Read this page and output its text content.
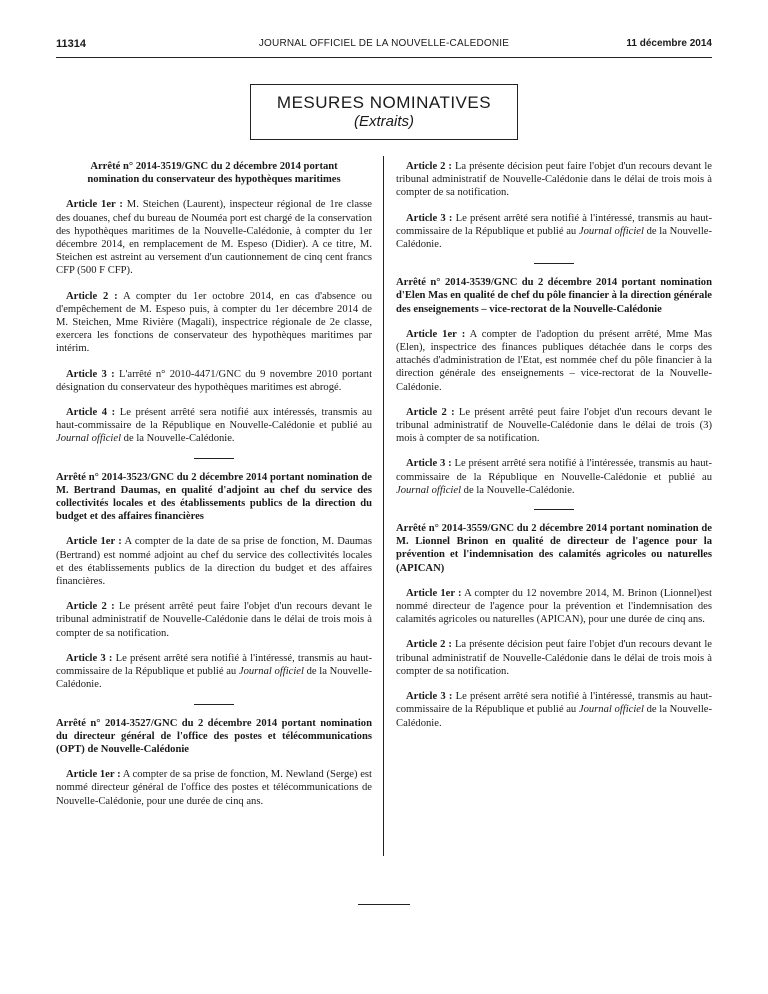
11314	JOURNAL OFFICIEL DE LA NOUVELLE-CALEDONIE	11 décembre 2014
MESURES NOMINATIVES
(Extraits)
Arrêté n° 2014-3519/GNC du 2 décembre 2014 portant
nomination du conservateur des hypothèques maritimes

Article 1er : M. Steichen (Laurent), inspecteur régional de 1re classe des douanes, chef du bureau de Nouméa port est chargé de la conservation des hypothèques maritimes de la Nouvelle-Calédonie, à compter du 1er décembre 2014, en remplacement de M. Espeso (Didier). A ce titre, M. Steichen est astreint au versement d'un cautionnement de cinq cent francs CFP (500 F CFP).

Article 2 : A compter du 1er octobre 2014, en cas d'absence ou d'empêchement de M. Espeso puis, à compter du 1er décembre 2014 de M. Steichen, Mme Rivière (Magali), inspectrice régionale de 2e classe, exercera les fonctions de conservateur des hypothèques maritimes par intérim.

Article 3 : L'arrêté n° 2010-4471/GNC du 9 novembre 2010 portant désignation du conservateur des hypothèques maritimes est abrogé.

Article 4 : Le présent arrêté sera notifié aux intéressés, transmis au haut-commissaire de la République en Nouvelle-Calédonie et publié au Journal officiel de la Nouvelle-Calédonie.

Arrêté n° 2014-3523/GNC du 2 décembre 2014 portant nomination de M. Bertrand Daumas, en qualité d'adjoint au chef du service des collectivités locales et des établissements publics de la direction du budget et des affaires financières

Article 1er : A compter de la date de sa prise de fonction, M. Daumas (Bertrand) est nommé adjoint au chef du service des collectivités locales et des établissements publics de la direction du budget et des affaires financières.

Article 2 : Le présent arrêté peut faire l'objet d'un recours devant le tribunal administratif de Nouvelle-Calédonie dans le délai de trois mois à compter de sa notification.

Article 3 : Le présent arrêté sera notifié à l'intéressé, transmis au haut-commissaire de la République et publié au Journal officiel de la Nouvelle-Calédonie.

Arrêté n° 2014-3527/GNC du 2 décembre 2014 portant nomination du directeur général de l'office des postes et télécommunications (OPT) de Nouvelle-Calédonie

Article 1er : A compter de sa prise de fonction, M. Newland (Serge) est nommé directeur général de l'office des postes et télécommunications de Nouvelle-Calédonie, pour une durée de cinq ans.

Article 2 : La présente décision peut faire l'objet d'un recours devant le tribunal administratif de Nouvelle-Calédonie dans le délai de trois mois à compter de sa notification.

Article 3 : Le présent arrêté sera notifié à l'intéressé, transmis au haut-commissaire de la République et publié au Journal officiel de la Nouvelle-Calédonie.

Arrêté n° 2014-3539/GNC du 2 décembre 2014 portant nomination d'Elen Mas en qualité de chef du pôle financier à la direction générale des enseignements – vice-rectorat de la Nouvelle-Calédonie

Article 1er : A compter de l'adoption du présent arrêté, Mme Mas (Elen), inspectrice des finances publiques détachée dans le corps des attachés d'administration de l'Etat, est nommée chef du pôle financier à la direction générale des enseignements – vice-rectorat de la Nouvelle-Calédonie.

Article 2 : Le présent arrêté peut faire l'objet d'un recours devant le tribunal administratif de Nouvelle-Calédonie dans le délai de trois (3) mois à compter de sa notification.

Article 3 : Le présent arrêté sera notifié à l'intéressée, transmis au haut-commissaire de la République en Nouvelle-Calédonie et publié au Journal officiel de la Nouvelle-Calédonie.

Arrêté n° 2014-3559/GNC du 2 décembre 2014 portant nomination de M. Lionnel Brinon en qualité de directeur de l'agence pour la prévention et l'indemnisation des calamités agricoles ou naturelles (APICAN)

Article 1er : A compter du 12 novembre 2014, M. Brinon (Lionnel)est nommé directeur de l'agence pour la prévention et l'indemnisation des calamités agricoles ou naturelles (APICAN), pour une durée de cinq ans.

Article 2 : La présente décision peut faire l'objet d'un recours devant le tribunal administratif de Nouvelle-Calédonie dans le délai de trois mois à compter de sa notification.

Article 3 : Le présent arrêté sera notifié à l'intéressé, transmis au haut-commissaire de la République et publié au Journal officiel de la Nouvelle-Calédonie.
